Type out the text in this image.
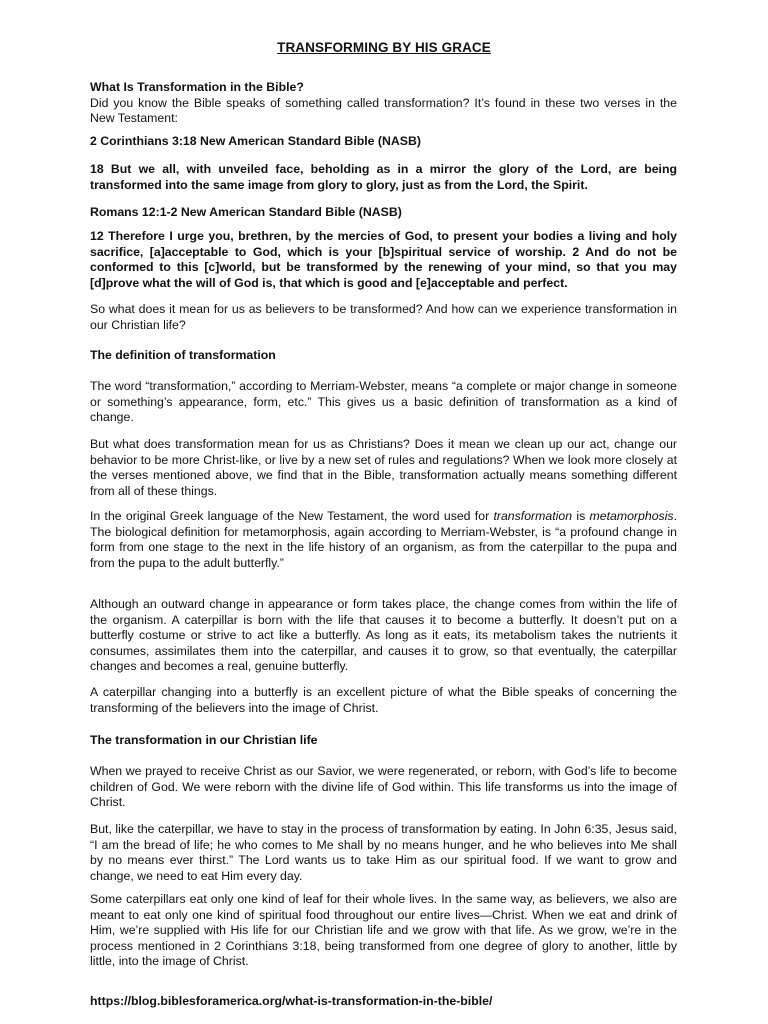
TRANSFORMING BY HIS GRACE

What Is Transformation in the Bible?

Did you know the Bible speaks of something called transformation? It’s found in these two verses in the New Testament:

2 Corinthians 3:18 New American Standard Bible (NASB)

18 But we all, with unveiled face, beholding as in a mirror the glory of the Lord, are being transformed into the same image from glory to glory, just as from the Lord, the Spirit.

Romans 12:1-2 New American Standard Bible (NASB)

12 Therefore I urge you, brethren, by the mercies of God, to present your bodies a living and holy sacrifice, [a]acceptable to God, which is your [b]spiritual service of worship. 2 And do not be conformed to this [c]world, but be transformed by the renewing of your mind, so that you may [d]prove what the will of God is, that which is good and [e]acceptable and perfect.

So what does it mean for us as believers to be transformed? And how can we experience transformation in our Christian life?

The definition of transformation

The word “transformation,” according to Merriam-Webster, means “a complete or major change in someone or something’s appearance, form, etc.” This gives us a basic definition of transformation as a kind of change.

But what does transformation mean for us as Christians? Does it mean we clean up our act, change our behavior to be more Christ-like, or live by a new set of rules and regulations? When we look more closely at the verses mentioned above, we find that in the Bible, transformation actually means something different from all of these things.

In the original Greek language of the New Testament, the word used for transformation is metamorphosis. The biological definition for metamorphosis, again according to Merriam-Webster, is “a profound change in form from one stage to the next in the life history of an organism, as from the caterpillar to the pupa and from the pupa to the adult butterfly.”

Although an outward change in appearance or form takes place, the change comes from within the life of the organism. A caterpillar is born with the life that causes it to become a butterfly. It doesn’t put on a butterfly costume or strive to act like a butterfly. As long as it eats, its metabolism takes the nutrients it consumes, assimilates them into the caterpillar, and causes it to grow, so that eventually, the caterpillar changes and becomes a real, genuine butterfly.

A caterpillar changing into a butterfly is an excellent picture of what the Bible speaks of concerning the transforming of the believers into the image of Christ.

The transformation in our Christian life

When we prayed to receive Christ as our Savior, we were regenerated, or reborn, with God’s life to become children of God. We were reborn with the divine life of God within. This life transforms us into the image of Christ.

But, like the caterpillar, we have to stay in the process of transformation by eating. In John 6:35, Jesus said, “I am the bread of life; he who comes to Me shall by no means hunger, and he who believes into Me shall by no means ever thirst.” The Lord wants us to take Him as our spiritual food. If we want to grow and change, we need to eat Him every day.

Some caterpillars eat only one kind of leaf for their whole lives. In the same way, as believers, we also are meant to eat only one kind of spiritual food throughout our entire lives—Christ. When we eat and drink of Him, we’re supplied with His life for our Christian life and we grow with that life. As we grow, we’re in the process mentioned in 2 Corinthians 3:18, being transformed from one degree of glory to another, little by little, into the image of Christ.

https://blog.biblesforamerica.org/what-is-transformation-in-the-bible/
